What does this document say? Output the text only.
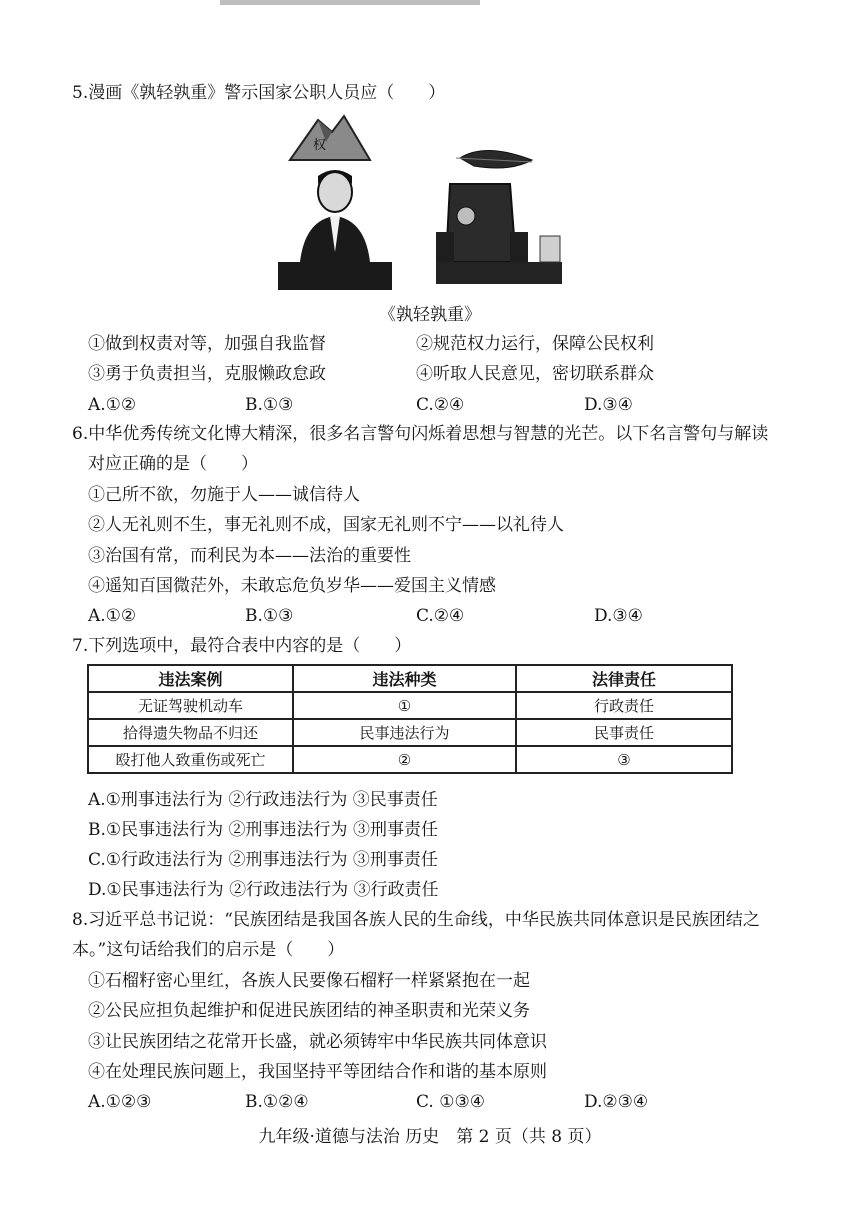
5.漫画《孰轻孰重》警示国家公职人员应（　　）
权
《孰轻孰重》
①做到权责对等，加强自我监督	②规范权力运行，保障公民权利
③勇于负责担当，克服懒政怠政	④听取人民意见，密切联系群众
A.①②	B.①③	C.②④	D.③④
6.中华优秀传统文化博大精深，很多名言警句闪烁着思想与智慧的光芒。以下名言警句与解读
对应正确的是（　　）
①己所不欲，勿施于人——诚信待人
②人无礼则不生，事无礼则不成，国家无礼则不宁——以礼待人
③治国有常，而利民为本——法治的重要性
④遥知百国微茫外，未敢忘危负岁华——爱国主义情感
A.①②	B.①③	C.②④	D.③④
7.下列选项中，最符合表中内容的是（　　）
违法案例	违法种类	法律责任
无证驾驶机动车	①	行政责任
拾得遗失物品不归还	民事违法行为	民事责任
殴打他人致重伤或死亡	②	③
A.①刑事违法行为 ②行政违法行为 ③民事责任
B.①民事违法行为 ②刑事违法行为 ③刑事责任
C.①行政违法行为 ②刑事违法行为 ③刑事责任
D.①民事违法行为 ②行政违法行为 ③行政责任
8.习近平总书记说：“民族团结是我国各族人民的生命线，中华民族共同体意识是民族团结之
本。”这句话给我们的启示是（　　）
①石榴籽密心里红，各族人民要像石榴籽一样紧紧抱在一起
②公民应担负起维护和促进民族团结的神圣职责和光荣义务
③让民族团结之花常开长盛，就必须铸牢中华民族共同体意识
④在处理民族问题上，我国坚持平等团结合作和谐的基本原则
A.①②③	B.①②④	C. ①③④	D.②③④
九年级·道德与法治 历史　第 2 页（共 8 页）
